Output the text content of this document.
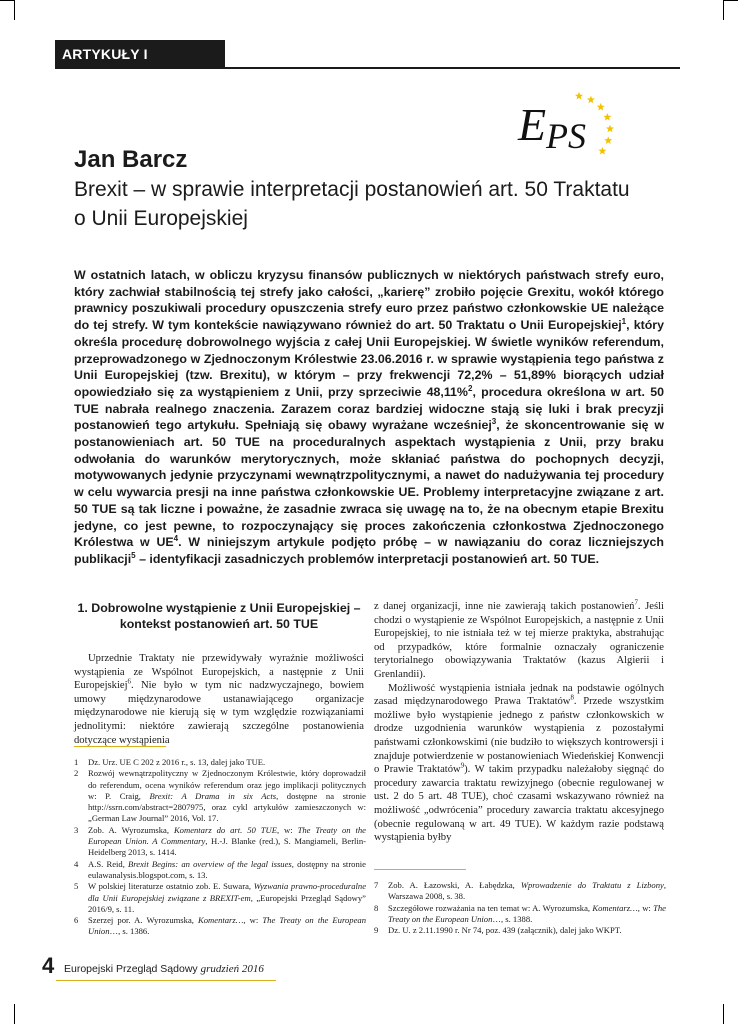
ARTYKUŁY I ROZPRAWY
E PS
Jan Barcz
Brexit – w sprawie interpretacji postanowień art. 50 Traktatu o Unii Europejskiej
W ostatnich latach, w obliczu kryzysu finansów publicznych w niektórych państwach strefy euro, który zachwiał stabilnością tej strefy jako całości, „karierę” zrobiło pojęcie Grexitu, wokół którego prawnicy poszukiwali procedury opuszczenia strefy euro przez państwo członkowskie UE należące do tej strefy. W tym kontekście nawiązywano również do art. 50 Traktatu o Unii Europejskiej$^1$, który określa procedurę dobrowolnego wyjścia z całej Unii Europejskiej. W świetle wyników referendum, przeprowadzonego w Zjednoczonym Królestwie 23.06.2016 r. w sprawie wystąpienia tego państwa z Unii Europejskiej (tzw. Brexitu), w którym – przy frekwencji 72,2% – 51,89% biorących udział opowiedziało się za wystąpieniem z Unii, przy sprzeciwie 48,11%$^2$, procedura określona w art. 50 TUE nabrała realnego znaczenia. Zarazem coraz bardziej widoczne stają się luki i brak precyzji postanowień tego artykułu. Spełniają się obawy wyrażane wcześniej$^3$, że skoncentrowanie się w postanowieniach art. 50 TUE na proceduralnych aspektach wystąpienia z Unii, przy braku odwołania do warunków merytorycznych, może skłaniać państwa do pochopnych decyzji, motywowanych jedynie przyczynami wewnątrzpolitycznymi, a nawet do nadużywania tej procedury w celu wywarcia presji na inne państwa członkowskie UE. Problemy interpretacyjne związane z art. 50 TUE są tak liczne i poważne, że zasadnie zwraca się uwagę na to, że na obecnym etapie Brexitu jedyne, co jest pewne, to rozpoczynający się proces zakończenia członkostwa Zjednoczonego Królestwa w $UE^4$. W niniejszym artykule podjęto próbę – w nawiązaniu do coraz liczniejszych publikacji$^5$ – identyfikacji zasadniczych problemów interpretacji postanowień art. 50 TUE.
1. Dobrowolne wystąpienie z Unii Europejskiej – kontekst postanowień art. 50 TUE

Uprzednie Traktaty nie przewidywały wyraźnie możliwości wystąpienia ze Wspólnot Europejskich, a następnie z Unii Europejskiej$^6$. Nie było w tym nic nadzwyczajnego, bowiem umowy międzynarodowe ustanawiającego organizacje międzynarodowe nie kierują się w tym względzie rozwiązaniami jednolitymi: niektóre zawierają szczególne postanowienia dotyczące wystąpienia

z danej organizacji, inne nie zawierają takich postanowień$^7$. Jeśli chodzi o wystąpienie ze Wspólnot Europejskich, a następnie z Unii Europejskiej, to nie istniała też w tej mierze praktyka, abstrahując od przypadków, które formalnie oznaczały ograniczenie terytorialnego obowiązywania Traktatów (kazus Algierii i Grenlandii).

Możliwość wystąpienia istniała jednak na podstawie ogólnych zasad międzynarodowego Prawa Traktatów$^8$. Przede wszystkim możliwe było wystąpienie jednego z państw członkowskich w drodze uzgodnienia warunków wystąpienia z pozostałymi państwami członkowskimi (nie budziło to większych kontrowersji i znajduje potwierdzenie w postanowieniach Wiedeńskiej Konwencji o Prawie Traktatów$^9$). W takim przypadku należałoby sięgnąć do procedury zawarcia traktatu rewizyjnego (obecnie regulowanej w ust. 2 do 5 art. 48 TUE), choć czasami wskazywano również na możliwość „odwrócenia” procedury zawarcia traktatu akcesyjnego (obecnie regulowaną w art. 49 TUE). W każdym razie podstawą wystąpienia byłby

1	Dz. Urz. UE C 202 z 2016 r., s. 13, dalej jako TUE.
2	Rozwój wewnątrzpolityczny w Zjednoczonym Królestwie, który doprowadził do referendum, ocena wyników referendum oraz jego implikacji politycznych w: P. Craig, Brexit: A Drama in six Acts, dostępne na stronie http://ssrn.com/abstract=2807975, oraz cykl artykułów zamieszczonych w: „German Law Journal” 2016, Vol. 17.
3	Zob. A. Wyrozumska, Komentarz do art. 50 TUE, w: The Treaty on the European Union. A Commentary, H.-J. Blanke (red.), S. Mangiameli, Berlin-Heidelberg 2013, s. 1414.
4	A.S. Reid, Brexit Begins: an overview of the legal issues, dostępny na stronie eulawanalysis.blogspot.com, s. 13.
5	W polskiej literaturze ostatnio zob. E. Suwara, Wyzwania prawno-proceduralne dla Unii Europejskiej związane z BREXIT-em, „Europejski Przegląd Sądowy” 2016/9, s. 11.
6	Szerzej por. A. Wyrozumska, Komentarz…, w: The Treaty on the European Union…, s. 1386.
7	Zob. A. Łazowski, A. Łabędzka, Wprowadzenie do Traktatu z Lizbony, Warszawa 2008, s. 38.
8	Szczegółowe rozważania na ten temat w: A. Wyrozumska, Komentarz…, w: The Treaty on the European Union…, s. 1388.
9	Dz. U. z 2.11.1990 r. Nr 74, poz. 439 (załącznik), dalej jako WKPT.
4 Europejski Przegląd Sądowy grudzień 2016
